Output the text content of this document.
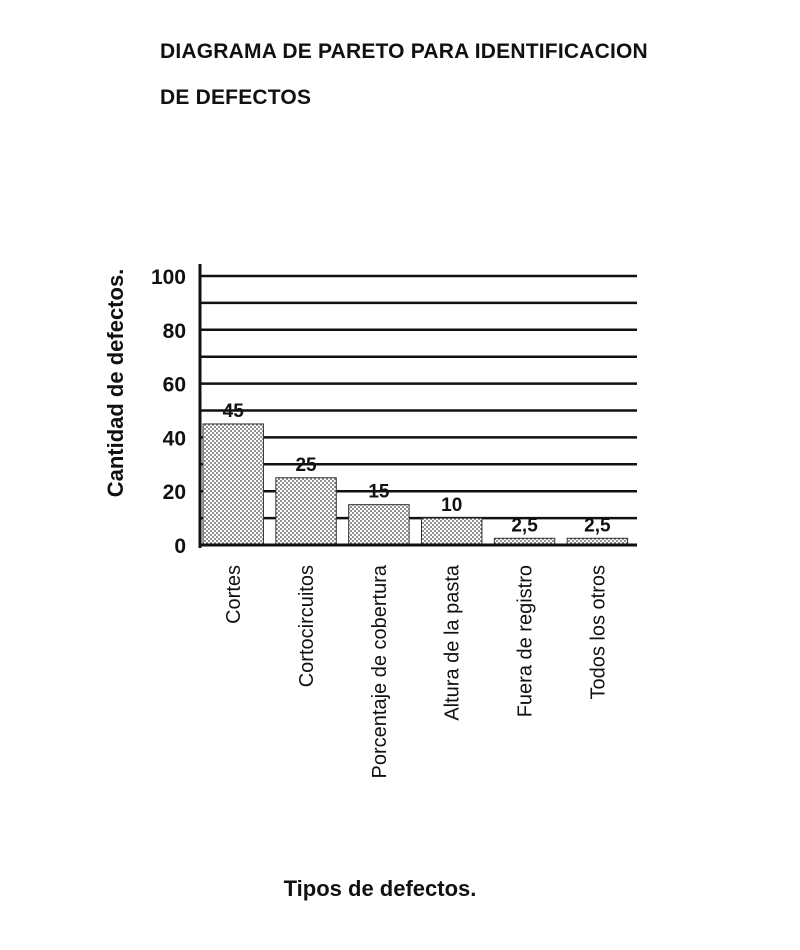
DIAGRAMA DE PARETO PARA IDENTIFICACION
DE DEFECTOS
0
20
40
60
80
100
45
Cortes
25
Cortocircuitos
15
Porcentaje de cobertura
10
Altura de la pasta
2,5
Fuera de registro
2,5
Todos los otros
Cantidad de defectos.
Tipos de defectos.
